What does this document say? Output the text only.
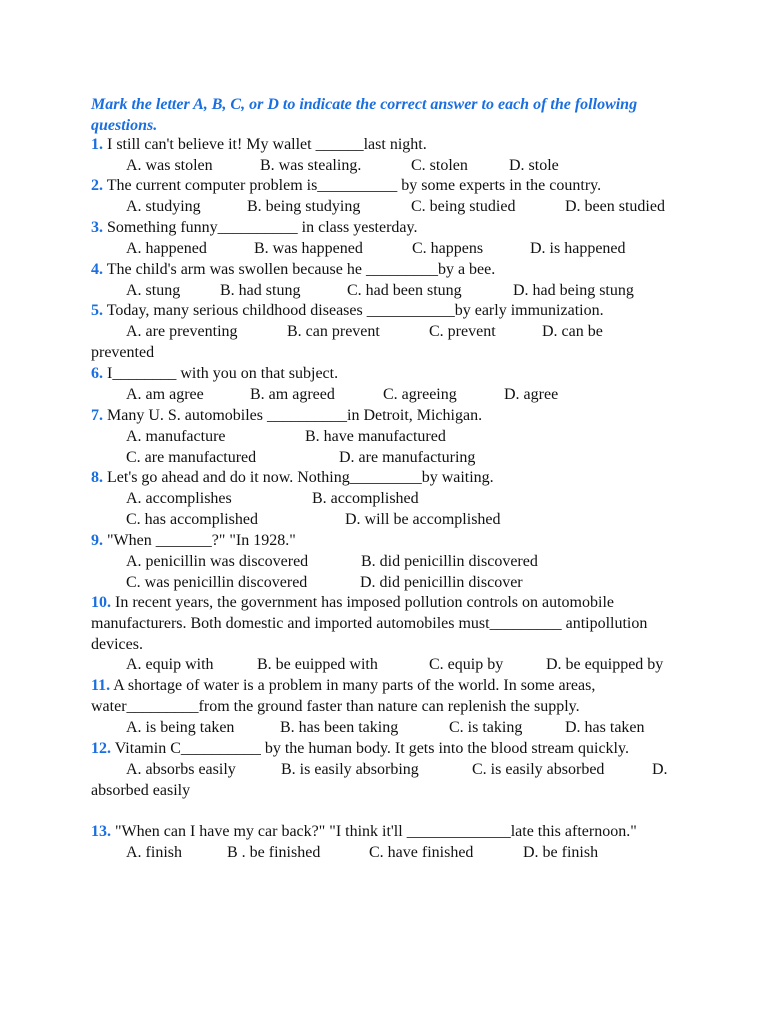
Mark the letter A, B, C, or D to indicate the correct answer to each of the following questions.
1. I still can't believe it! My wallet ______last night.
A. was stolen	B. was stealing.	C. stolen	D. stole
2. The current computer problem is__________ by some experts in the country.
A. studying	B. being studying	C. being studied	D. been studied
3. Something funny__________ in class yesterday.
A. happened	B. was happened	C. happens	D. is happened
4. The child's arm was swollen because he _________by a bee.
A. stung B. had stung	C. had been stung	D. had being stung
5. Today, many serious childhood diseases ___________by early immunization.
A. are preventing	B. can prevent	C. prevent	D. can be
prevented
6. I________ with you on that subject.
A. am agree	B. am agreed	C. agreeing	D. agree
7. Many U. S. automobiles __________in Detroit, Michigan.
A. manufacture	B. have manufactured
C. are manufactured	D. are manufacturing
8. Let's go ahead and do it now. Nothing_________by waiting.
A. accomplishes	B. accomplished
C. has accomplished	D. will be accomplished
9. "When _______?" "In 1928."
A. penicillin was discovered	B. did penicillin discovered
C. was penicillin discovered	D. did penicillin discover
10. In recent years, the government has imposed pollution controls on automobile manufacturers. Both domestic and imported automobiles must_________ antipollution devices.
A. equip with	B. be euipped with	C. equip by	D. be equipped by
11. A shortage of water is a problem in many parts of the world. In some areas, water_________from the ground faster than nature can replenish the supply.
A. is being taken	B. has been taking	C. is taking	D. has taken
12. Vitamin C__________ by the human body. It gets into the blood stream quickly.
A. absorbs easily	B. is easily absorbing	C. is easily absorbed	D.
absorbed easily
13. "When can I have my car back?" "I think it'll _____________late this afternoon."
A. finish	B . be finished	C. have finished	D. be finish
